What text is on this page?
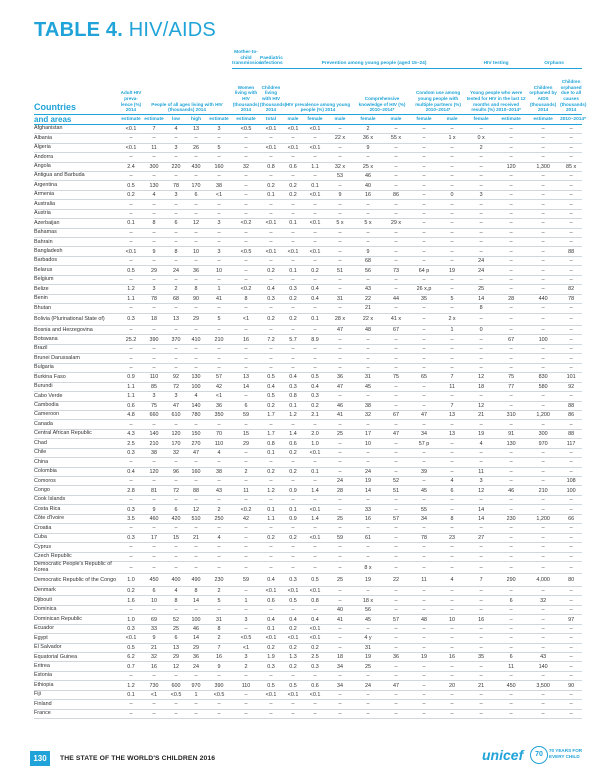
TABLE 4. HIV/AIDS
Countries						Mother-to-child transmission	Paediatric infections	Prevention among young people (aged 15–24)							HIV testing		Orphans		
	Adult HIV preva-lence (%) 2014	People of all ages living with HIV (thousands) 2014				Women living with HIV (thousands) 2014	Children living with HIV (thousands) 2014	HIV prevalence among young people (%) 2014			Comprehensive knowledge of HIV (%) 2010–2014*		Condom use among young people with multiple partners (%) 2010–2014*		Young people who were tested for HIV in the last 12 months and received results (%) 2010–2014*		Children orphaned by AIDS (thousands) 2014	Children orphaned due to all causes (thousands) 2014	
and areas	estimate	estimate	low	high	estimate	estimate	total	male	female	male	female	male	female	male	female	estimate	estimate	2010–2014*	
Afghanistan	<0.1	7	4	13	3	<0.5	<0.1	<0.1	<0.1	–	2	–	–	–	–	–	–	–	
Albania	–	–	–	–	–	–	–	–	–	22 x	36 x	55 x	–	1 x	0 x	–	–	–	
Algeria	<0.1	11	3	26	5	–	<0.1	<0.1	<0.1	–	9	–	–	–	2	–	–	–	
Andorra	–	–	–	–	–	–	–	–	–	–	–	–	–	–	–	–	–	–	
Angola	2.4	300	220	430	160	32	0.8	0.6	1.1	32 x	25 x	–	–	–	–	120	1,300	85 x	
Antigua and Barbuda	–	–	–	–	–	–	–	–	–	53	46	–	–	–	–	–	–	–	
Argentina	0.5	130	78	170	38	–	0.2	0.2	0.1	–	40	–	–	–	–	–	–	–	
Armenia	0.2	4	3	6	<1	–	0.1	0.2	<0.1	9	16	86	–	0	3	–	–	–	
Australia	–	–	–	–	–	–	–	–	–	–	–	–	–	–	–	–	–	–	
Austria	–	–	–	–	–	–	–	–	–	–	–	–	–	–	–	–	–	–	
Azerbaijan	0.1	8	6	12	3	<0.2	<0.1	0.1	<0.1	5 x	5 x	29 x	–	–	–	–	–	–	
Bahamas	–	–	–	–	–	–	–	–	–	–	–	–	–	–	–	–	–	–	
Bahrain	–	–	–	–	–	–	–	–	–	–	–	–	–	–	–	–	–	–	
Bangladesh	<0.1	9	8	10	3	<0.5	<0.1	<0.1	<0.1	–	9	–	–	–	–	–	–	88	
Barbados	–	–	–	–	–	–	–	–	–	–	68	–	–	–	24	–	–	–	
Belarus	0.5	29	24	36	10	–	0.2	0.1	0.2	51	56	73	64 p	19	24	–	–	–	
Belgium	–	–	–	–	–	–	–	–	–	–	–	–	–	–	–	–	–	–	
Belize	1.2	3	2	8	1	<0.2	0.4	0.3	0.4	–	43	–	26 x,p	–	25	–	–	82	
Benin	1.1	78	68	90	41	8	0.3	0.2	0.4	31	22	44	35	5	14	28	440	78	
Bhutan	–	–	–	–	–	–	–	–	–	–	21	–	–	–	8	–	–	–	
Bolivia (Plurinational State of)	0.3	18	13	29	5	<1	0.2	0.2	0.1	28 x	22 x	41 x	–	2 x	–	–	–	–	
Bosnia and Herzegovina	–	–	–	–	–	–	–	–	–	47	48	67	–	1	0	–	–	–	
Botswana	25.2	390	370	410	210	16	7.2	5.7	8.9	–	–	–	–	–	–	67	100	–	
Brazil	–	–	–	–	–	–	–	–	–	–	–	–	–	–	–	–	–	–	
Brunei Darussalam	–	–	–	–	–	–	–	–	–	–	–	–	–	–	–	–	–	–	
Bulgaria	–	–	–	–	–	–	–	–	–	–	–	–	–	–	–	–	–	–	
Burkina Faso	0.9	110	92	130	57	13	0.5	0.4	0.5	36	31	75	65	7	12	75	830	101	
Burundi	1.1	85	72	100	42	14	0.4	0.3	0.4	47	45	–	–	11	18	77	580	92	
Cabo Verde	1.1	3	3	4	<1	–	0.5	0.8	0.3	–	–	–	–	–	–	–	–	–	
Cambodia	0.6	75	47	140	36	6	0.2	0.1	0.2	46	38	–	–	7	12	–	–	88	
Cameroon	4.8	660	610	780	350	59	1.7	1.2	2.1	41	32	67	47	13	21	310	1,200	86	
Canada	–	–	–	–	–	–	–	–	–	–	–	–	–	–	–	–	–	–	
Central African Republic	4.3	140	120	150	70	15	1.7	1.4	2.0	25	17	47	34	13	19	91	300	88	
Chad	2.5	210	170	270	110	29	0.8	0.6	1.0	–	10	–	57 p	–	4	130	970	117	
Chile	0.3	38	32	47	4	–	0.1	0.2	<0.1	–	–	–	–	–	–	–	–	–	
China	–	–	–	–	–	–	–	–	–	–	–	–	–	–	–	–	–	–	
Colombia	0.4	120	96	160	38	2	0.2	0.2	0.1	–	24	–	39	–	11	–	–	–	
Comoros	–	–	–	–	–	–	–	–	–	24	19	52	–	4	3	–	–	108	
Congo	2.8	81	72	88	43	11	1.2	0.9	1.4	28	14	51	45	6	12	46	210	100	
Cook Islands	–	–	–	–	–	–	–	–	–	–	–	–	–	–	–	–	–	–	
Costa Rica	0.3	9	6	12	2	<0.2	0.1	0.1	<0.1	–	33	–	55	–	14	–	–	–	
Côte d'Ivoire	3.5	460	420	510	250	42	1.1	0.9	1.4	25	16	57	34	8	14	230	1,200	66	
Croatia	–	–	–	–	–	–	–	–	–	–	–	–	–	–	–	–	–	–	
Cuba	0.3	17	15	21	4	–	0.2	0.2	<0.1	59	61	–	78	23	27	–	–	–	
Cyprus	–	–	–	–	–	–	–	–	–	–	–	–	–	–	–	–	–	–	
Czech Republic	–	–	–	–	–	–	–	–	–	–	–	–	–	–	–	–	–	–	
Democratic People's Republic of Korea	–	–	–	–	–	–	–	–	–	–	8 x	–	–	–	–	–	–	–	
Democratic Republic of the Congo	1.0	450	400	490	230	59	0.4	0.3	0.5	25	19	22	11	4	7	290	4,000	80	
Denmark	0.2	6	4	8	2	–	<0.1	<0.1	<0.1	–	–	–	–	–	–	–	–	–	
Djibouti	1.6	10	8	14	5	1	0.6	0.5	0.8	–	18 x	–	–	–	–	6	32	–	
Dominica	–	–	–	–	–	–	–	–	–	40	56	–	–	–	–	–	–	–	
Dominican Republic	1.0	69	52	100	31	3	0.4	0.4	0.4	41	45	57	48	10	16	–	–	97	
Ecuador	0.3	33	25	46	8	–	0.1	0.2	<0.1	–	–	–	–	–	–	–	–	–	
Egypt	<0.1	9	6	14	2	<0.5	<0.1	<0.1	<0.1	–	4 y	–	–	–	–	–	–	–	
El Salvador	0.5	21	13	29	7	<1	0.2	0.2	0.2	–	31	–	–	–	–	–	–	–	
Equatorial Guinea	6.2	32	29	36	16	3	1.9	1.3	2.5	18	19	36	19	16	35	6	43	–	
Eritrea	0.7	16	12	24	9	2	0.3	0.2	0.3	34	25	–	–	–	–	11	140	–	
Estonia	–	–	–	–	–	–	–	–	–	–	–	–	–	–	–	–	–	–	
Ethiopia	1.2	730	600	970	390	110	0.5	0.5	0.6	34	24	47	–	20	21	450	3,500	90	
Fiji	0.1	<1	<0.5	1	<0.5	–	<0.1	<0.1	<0.1	–	–	–	–	–	–	–	–	–	
Finland	–	–	–	–	–	–	–	–	–	–	–	–	–	–	–	–	–	–	
France	–	–	–	–	–	–	–	–	–	–	–	–	–	–	–	–	–	–	
130	THE STATE OF THE WORLD'S CHILDREN 2016	unicef	70
70 YEARS FOR EVERY CHILD
